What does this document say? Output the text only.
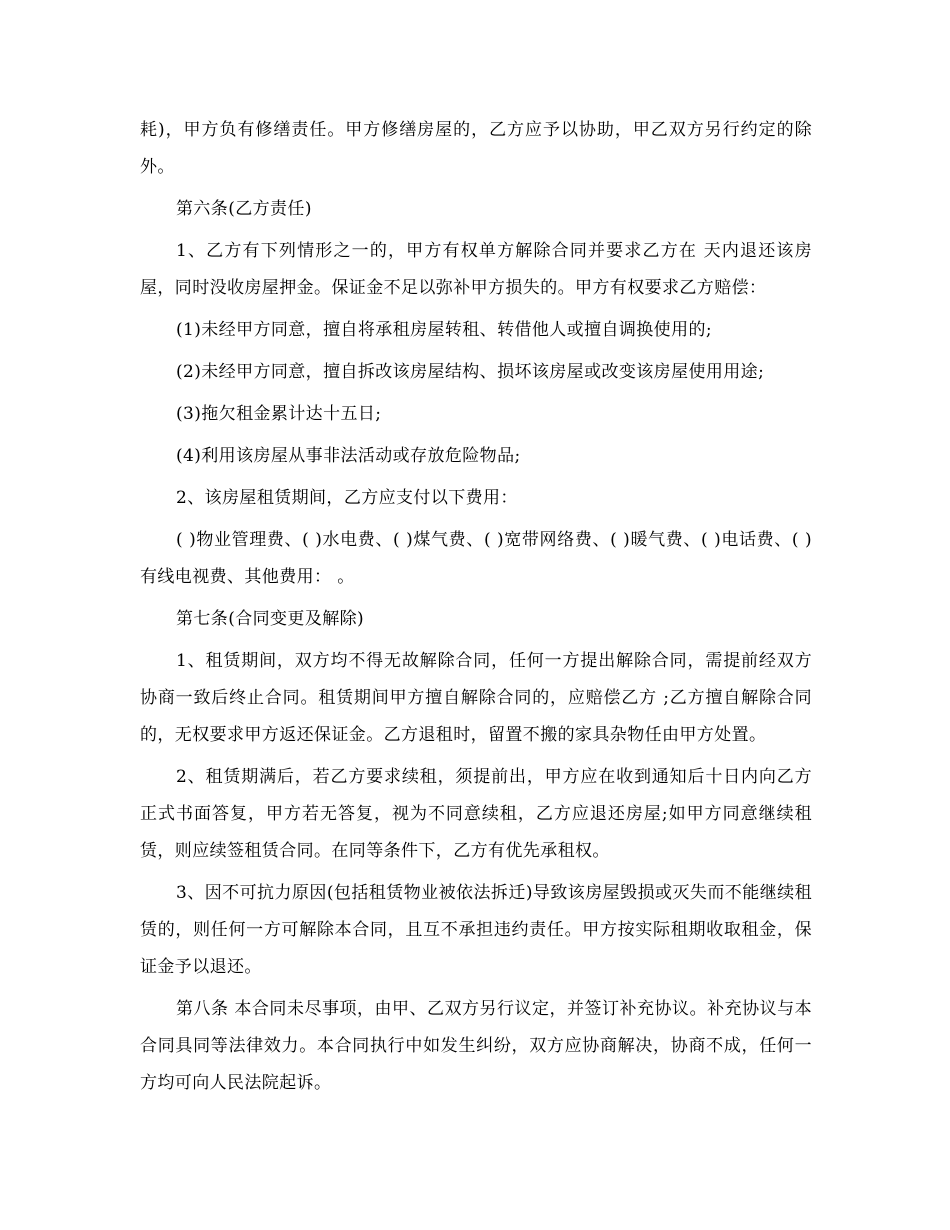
耗)，甲方负有修缮责任。甲方修缮房屋的，乙方应予以协助，甲乙双方另行约定的除外。

第六条(乙方责任)

1、乙方有下列情形之一的，甲方有权单方解除合同并要求乙方在 天内退还该房屋，同时没收房屋押金。保证金不足以弥补甲方损失的。甲方有权要求乙方赔偿：

(1)未经甲方同意，擅自将承租房屋转租、转借他人或擅自调换使用的;

(2)未经甲方同意，擅自拆改该房屋结构、损坏该房屋或改变该房屋使用用途;

(3)拖欠租金累计达十五日;

(4)利用该房屋从事非法活动或存放危险物品;

2、该房屋租赁期间，乙方应支付以下费用：

( )物业管理费、( )水电费、( )煤气费、( )宽带网络费、( )暖气费、( )电话费、( )有线电视费、其他费用： 。

第七条(合同变更及解除)

1、租赁期间，双方均不得无故解除合同，任何一方提出解除合同，需提前经双方协商一致后终止合同。租赁期间甲方擅自解除合同的，应赔偿乙方 ;乙方擅自解除合同的，无权要求甲方返还保证金。乙方退租时，留置不搬的家具杂物任由甲方处置。

2、租赁期满后，若乙方要求续租，须提前出，甲方应在收到通知后十日内向乙方正式书面答复，甲方若无答复，视为不同意续租，乙方应退还房屋;如甲方同意继续租赁，则应续签租赁合同。在同等条件下，乙方有优先承租权。

3、因不可抗力原因(包括租赁物业被依法拆迁)导致该房屋毁损或灭失而不能继续租赁的，则任何一方可解除本合同，且互不承担违约责任。甲方按实际租期收取租金，保证金予以退还。

第八条 本合同未尽事项，由甲、乙双方另行议定，并签订补充协议。补充协议与本合同具同等法律效力。本合同执行中如发生纠纷，双方应协商解决，协商不成，任何一方均可向人民法院起诉。
